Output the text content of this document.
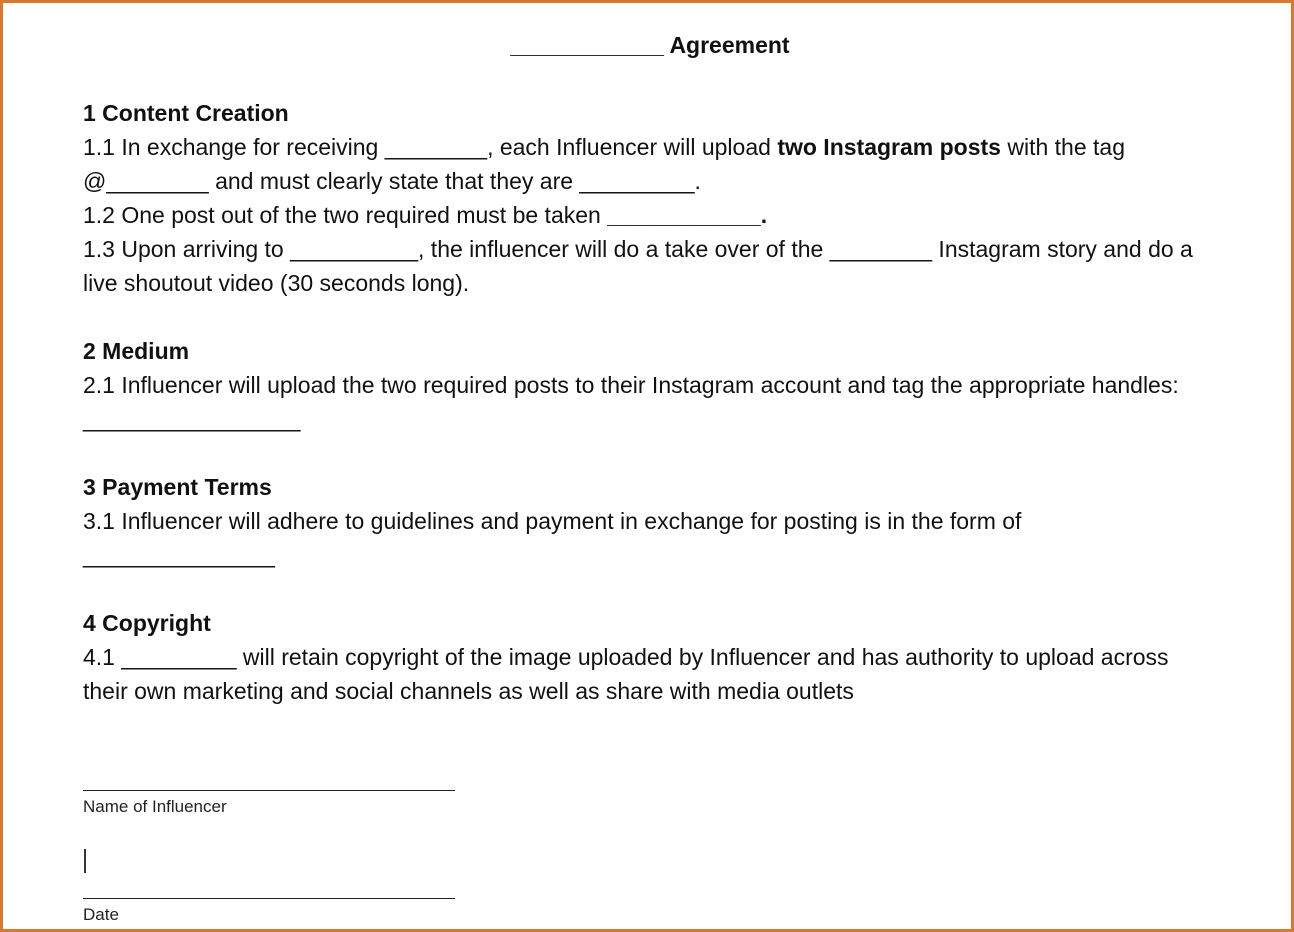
____________ Agreement

1 Content Creation

1.1 In exchange for receiving ________, each Influencer will upload two Instagram posts with the tag @________ and must clearly state that they are _________.

1.2 One post out of the two required must be taken ____________.

1.3 Upon arriving to __________, the influencer will do a take over of the ________ Instagram story and do a live shoutout video (30 seconds long).

2 Medium

2.1 Influencer will upload the two required posts to their Instagram account and tag the appropriate handles: _________________

3 Payment Terms

3.1 Influencer will adhere to guidelines and payment in exchange for posting is in the form of

_______________

4 Copyright

4.1 _________ will retain copyright of the image uploaded by Influencer and has authority to upload across their own marketing and social channels as well as share with media outlets

Name of Influencer
Date
